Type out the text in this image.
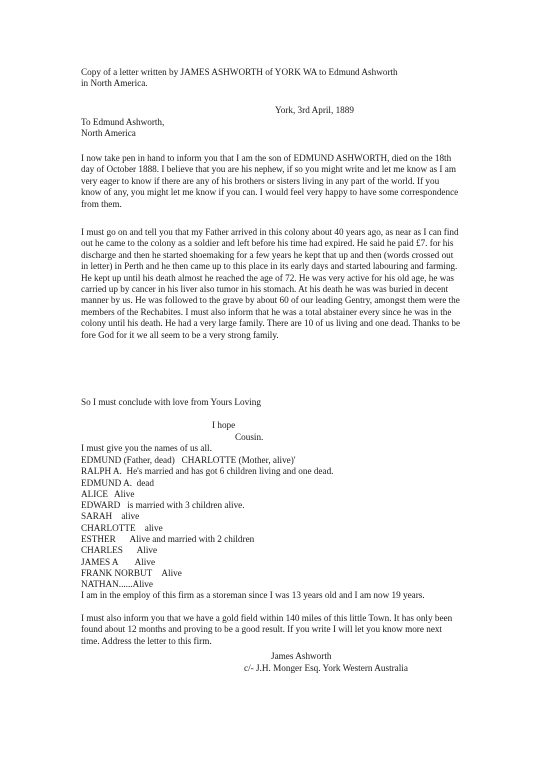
Copy of a letter written by JAMES ASHWORTH of YORK WA to Edmund Ashworth
in North America.
York, 3rd April, 1889
To Edmund Ashworth,
North America
I now take pen in hand to inform you that I am the son of EDMUND ASHWORTH, died on the 18th day of October 1888. I believe that you are his nephew, if so you might write and let me know as I am very eager to know if there are any of his brothers or sisters living in any part of the world. If you know of any, you might let me know if you can. I would feel very happy to have some correspondence from them.
I must go on and tell you that my Father arrived in this colony about 40 years ago, as near as I can find out he came to the colony as a soldier and left before his time had expired. He said he paid £7. for his discharge and then he started shoemaking for a few years he kept that up and then (words crossed out in letter) in Perth and he then came up to this place in its early days and started labouring and farming. He kept up until his death almost he reached the age of 72. He was very active for his old age, he was carried up by cancer in his liver also tumor in his stomach. At his death he was was buried in decent manner by us. He was followed to the grave by about 60 of our leading Gentry, amongst them were the members of the Rechabites. I must also inform that he was a total abstainer every since he was in the colony until his death. He had a very large family. There are 10 of us living and one dead. Thanks to be fore God for it we all seem to be a very strong family.
So I must conclude with love from Yours Loving
I hope
Cousin.
I must give you the names of us all.
EDMUND (Father, dead) CHARLOTTE (Mother, alive)'
RALPH A. He's married and has got 6 children living and one dead.
EDMUND A. dead
ALICE Alive
EDWARD is married with 3 children alive.
SARAH alive
CHARLOTTE alive
ESTHER Alive and married with 2 children
CHARLES Alive
JAMES A Alive
FRANK NORBUT Alive
NATHAN......Alive
I am in the employ of this firm as a storeman since I was 13 years old and I am now 19 years.
I must also inform you that we have a gold field within 140 miles of this little Town. It has only been found about 12 months and proving to be a good result. If you write I will let you know more next time. Address the letter to this firm.
James Ashworth
c/- J.H. Monger Esq. York Western Australia
